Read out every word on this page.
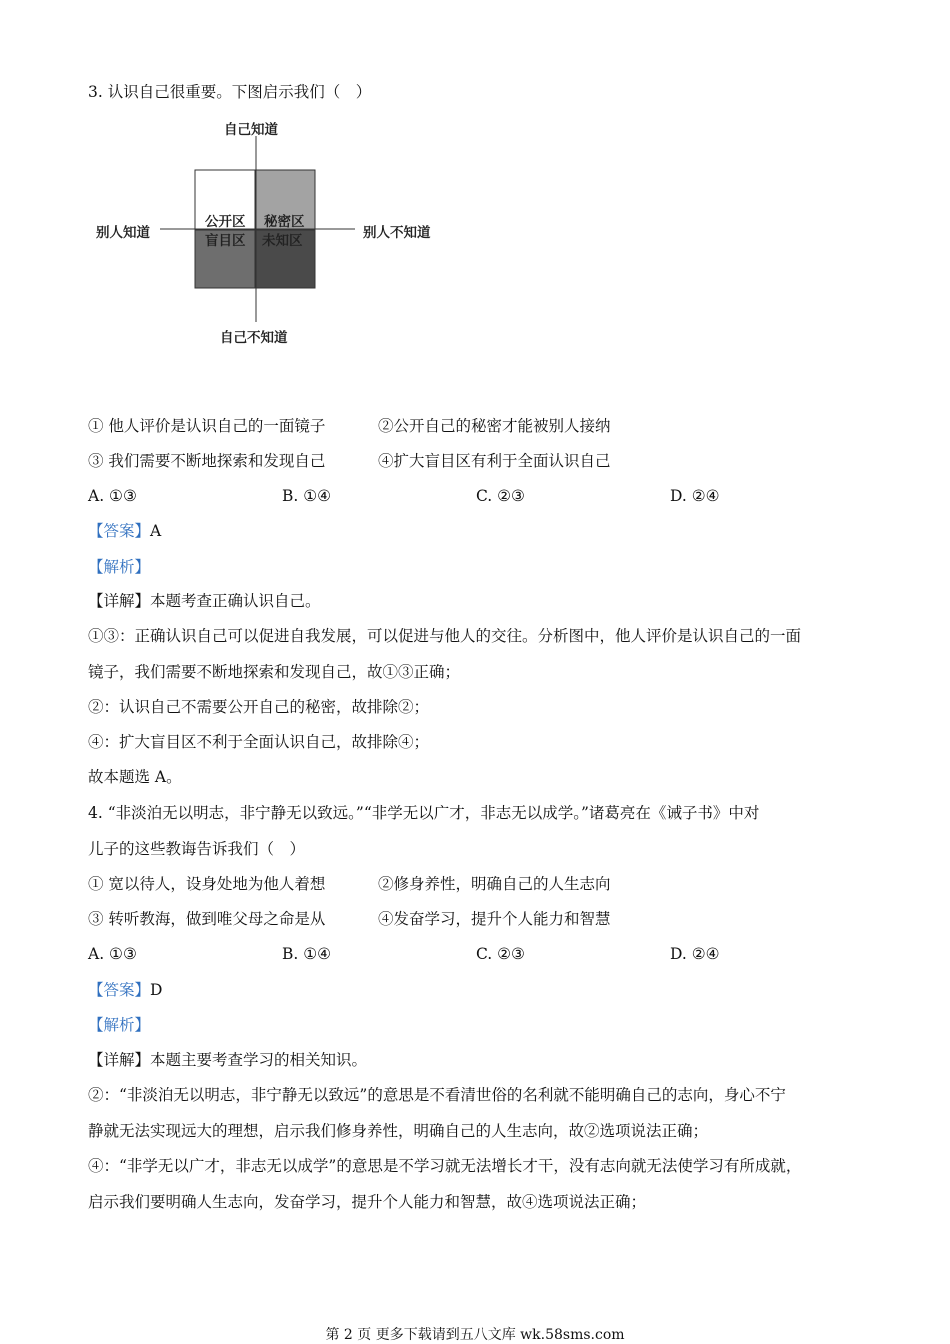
3. 认识自己很重要。下图启示我们（　）
自己知道
自己不知道
别人知道	别人不知道
公开区 秘密区
盲目区 未知区
① 他人评价是认识自己的一面镜子	②公开自己的秘密才能被别人接纳
③ 我们需要不断地探索和发现自己	④扩大盲目区有利于全面认识自己
A. ①③	B. ①④	C. ②③	D. ②④
【答案】A
【解析】
【详解】本题考查正确认识自己。
①③：正确认识自己可以促进自我发展，可以促进与他人的交往。分析图中，他人评价是认识自己的一面
镜子，我们需要不断地探索和发现自己，故①③正确；
②：认识自己不需要公开自己的秘密，故排除②；
④：扩大盲目区不利于全面认识自己，故排除④；
故本题选 A。
4. “非淡泊无以明志，非宁静无以致远。”“非学无以广才，非志无以成学。”诸葛亮在《诫子书》中对
儿子的这些教诲告诉我们（　）
① 宽以待人，设身处地为他人着想	②修身养性，明确自己的人生志向
③ 转听教海，做到唯父母之命是从	④发奋学习，提升个人能力和智慧
A. ①③	B. ①④	C. ②③	D. ②④
【答案】D
【解析】
【详解】本题主要考查学习的相关知识。
②：“非淡泊无以明志，非宁静无以致远”的意思是不看清世俗的名利就不能明确自己的志向，身心不宁
静就无法实现远大的理想，启示我们修身养性，明确自己的人生志向，故②选项说法正确；
④：“非学无以广才，非志无以成学”的意思是不学习就无法增长才干，没有志向就无法使学习有所成就，
启示我们要明确人生志向，发奋学习，提升个人能力和智慧，故④选项说法正确；
第 2 页 更多下载请到五八文库 wk.58sms.com
